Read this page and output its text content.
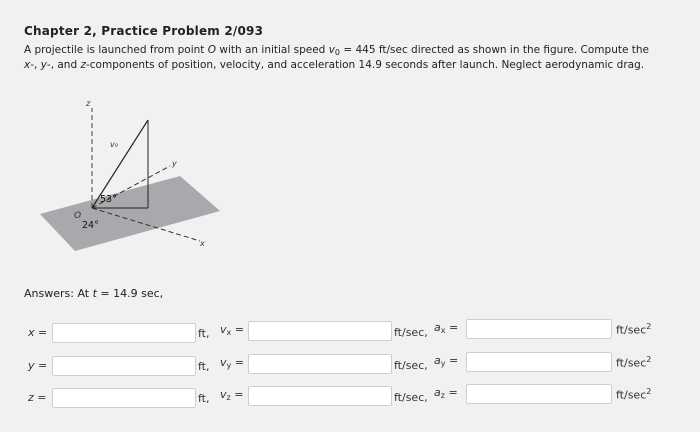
Chapter 2, Practice Problem 2/093
A projectile is launched from point O with an initial speed $v_0 = 445$ ft/sec directed as shown in the figure. Compute the x-, y-, and z-components of position, velocity, and acceleration 14.9 seconds after launch. Neglect aerodynamic drag.
z
y
x
v₀
53°
24°
O
Answers: At t = 14.9 sec,
x =	ft, $v_x$ =	ft/sec, $a_x$ =	$ft/\sec^2$
y =	ft, $v_y$ =	ft/sec, $a_y$ =	$ft/\sec^2$
z =	ft, $v_z$ =	ft/sec, $a_z$ =	$ft/\sec^2$
